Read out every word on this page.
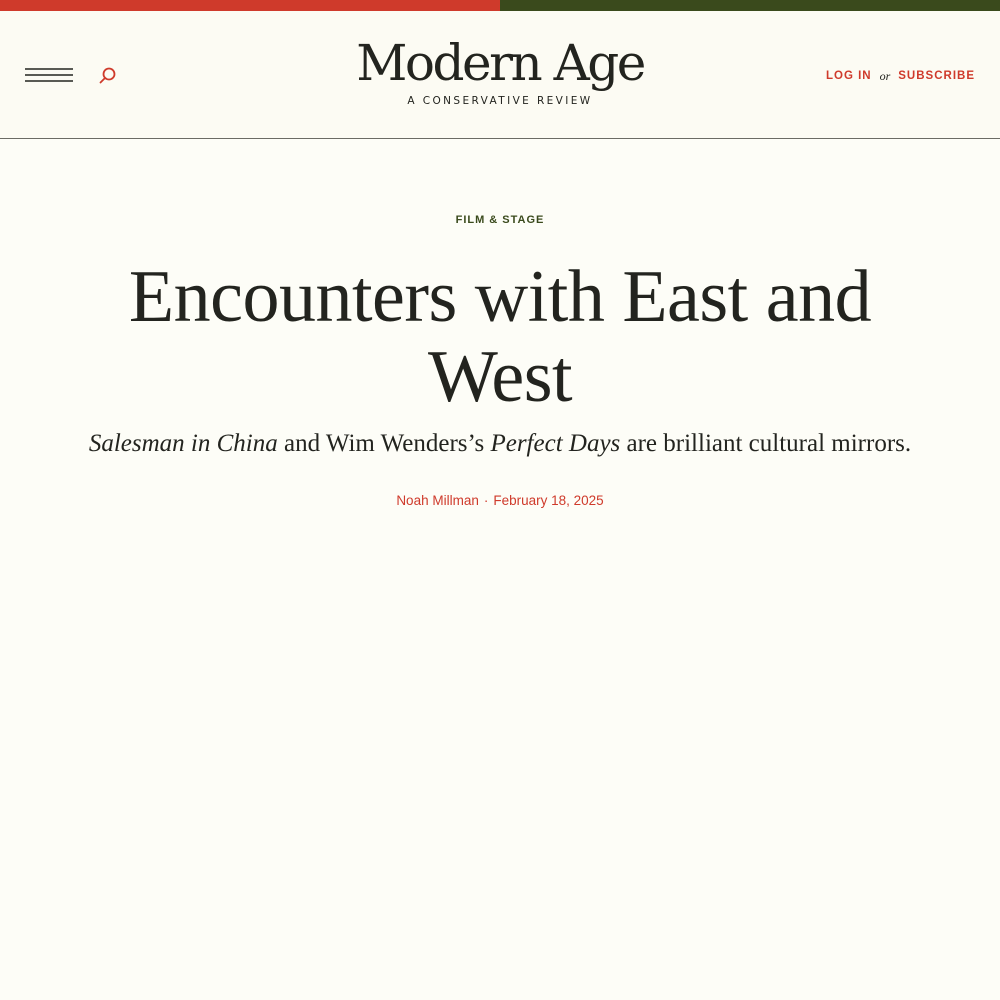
Modern Age
A CONSERVATIVE REVIEW
LOG IN or SUBSCRIBE
FILM & STAGE
Encounters with East and West

Salesman in China and Wim Wenders’s Perfect Days are brilliant cultural mirrors.

Noah Millman · February 18, 2025
